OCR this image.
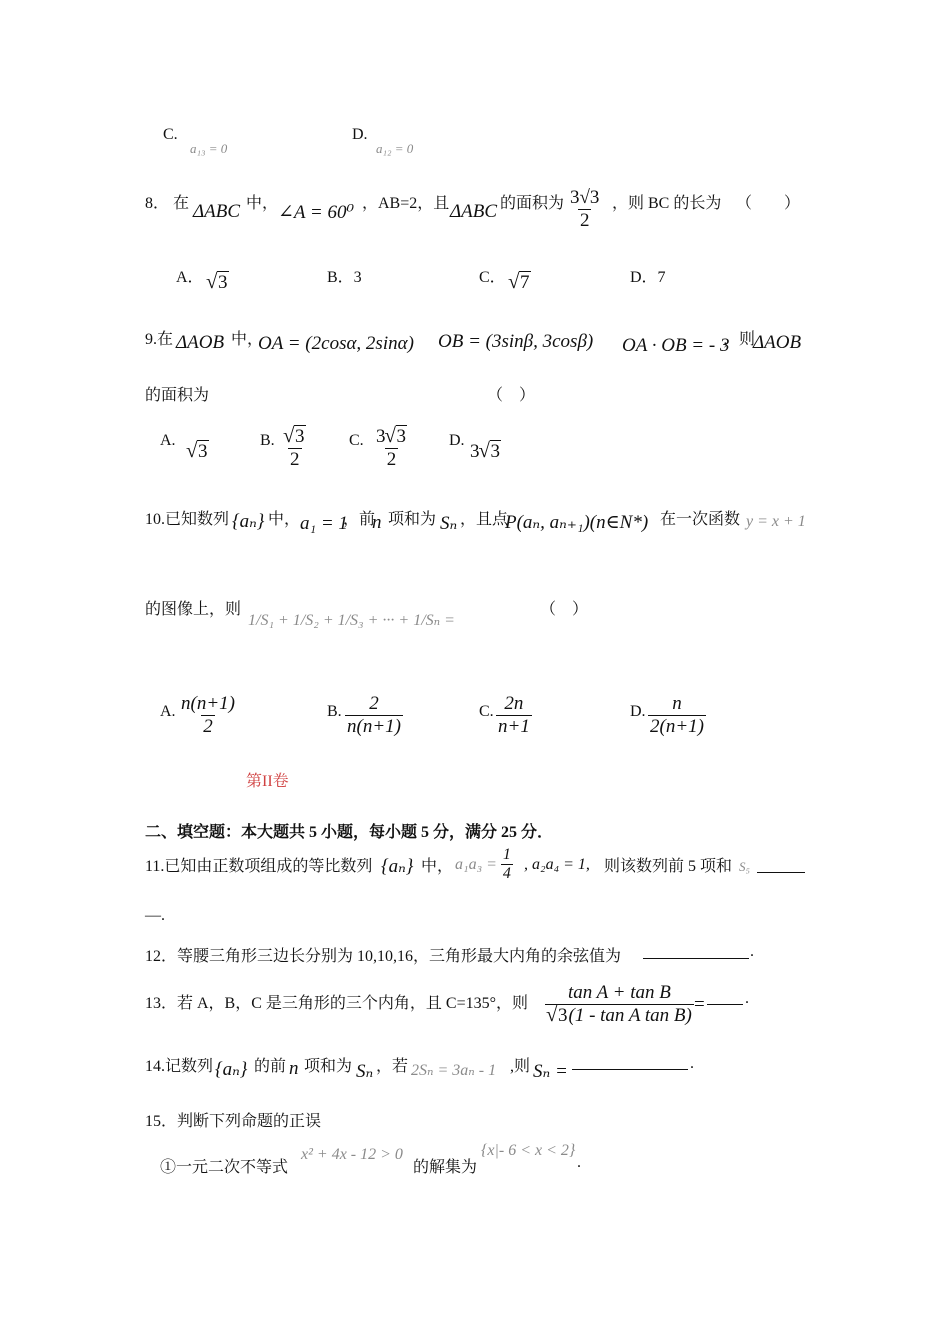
C.
a₁₃ = 0
D.
a₁₂ = 0
8． 在 ΔABC 中， ∠A = 60⁰ ，AB=2，且 ΔABC 的面积为 $\frac{3√3}{2}$ ，则 BC 的长为 （　　）
A． √ 3	B．3	C． √ 7	D．7
9.在 ΔAOB 中，
OA = (2cosα, 2sinα) OB = (3sinβ, 3cosβ) OA · OB = - 3
，则
ΔAOB
的面积为	（　）
A.
√ 3
B. √ $\frac{3}{2}$	C. $\frac{3 √ 3}{2}$	D.
3 √ 3
10.已知数列 {aₙ} 中， a₁ = 1
，前
n 项和为 Sₙ ，且点
P(aₙ, aₙ₊₁)(n∈N*) 在一次函数 y = x + 1
的图像上，则
1/S₁ + 1/S₂ + 1/S₃ + ··· + 1/Sₙ =
（　）
A. $\frac{n(n+1)}{2}$	B. $\frac{2}{n(n+1)}$	C. $\frac{2n}{n+1}$	D. $\frac{n}{2(n+1)}$
第II卷
二、填空题：本大题共 5 小题，每小题 5 分，满分 25 分．
11.已知由正数项组成的等比数列 {aₙ} 中， $a_1a_3 = \frac{1}{4}$ , a₂a₄ = 1, 则该数列前 5 项和 S₅
—.
12．等腰三角形三边长分别为 10,10,16，三角形最大内角的余弦值为	.
13．若 A，B，C 是三角形的三个内角，且 C=135°，则 tan A + tan B
√ 3(1 - tan A tan B) =	.
14.记数列 {aₙ} 的前 n 项和为 Sₙ ，若 2Sₙ = 3aₙ - 1 ,则 Sₙ =	.
15．判断下列命题的正误
①一元二次不等式
x² + 4x - 12 > 0
的解集为
{x|- 6 < x < 2}
.
